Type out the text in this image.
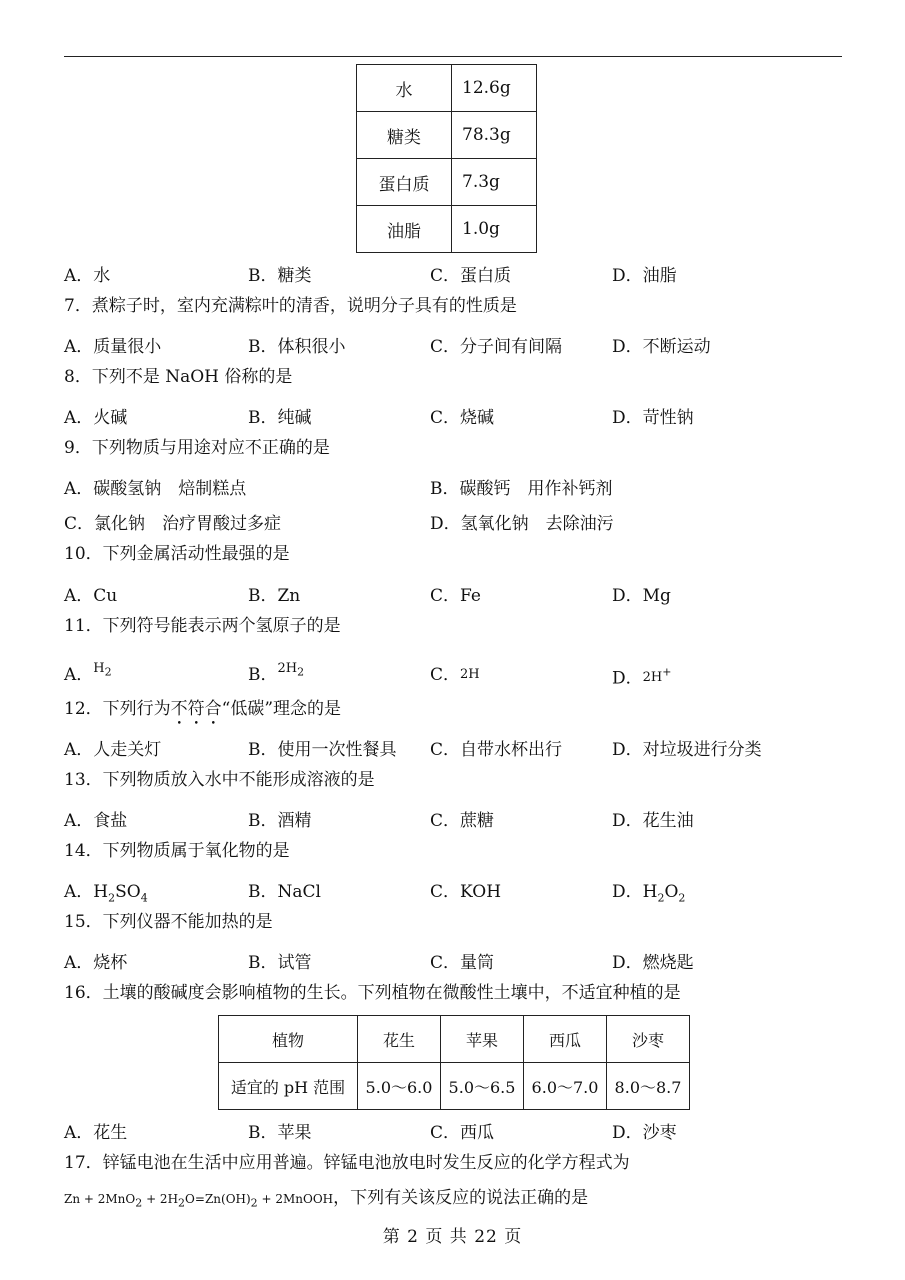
水	12.6g
糖类	78.3g
蛋白质	7.3g
油脂	1.0g
A．水	B．糖类	C．蛋白质	D．油脂
7．煮粽子时，室内充满粽叶的清香，说明分子具有的性质是
A．质量很小	B．体积很小	C．分子间有间隔	D．不断运动
8．下列不是 NaOH 俗称的是
A．火碱	B．纯碱	C．烧碱	D．苛性钠
9．下列物质与用途对应不正确的是
A．碳酸氢钠　焙制糕点	B．碳酸钙　用作补钙剂
C．氯化钠　治疗胃酸过多症	D．氢氧化钠　去除油污
10．下列金属活动性最强的是
A．Cu	B．Zn	C．Fe	D．Mg
11．下列符号能表示两个氢原子的是
A．$^{H_2}$	B．$^{2H_2}$	C．2H	D．2H+
12．下列行为不符合“低碳”理念的是
A．人走关灯	B．使用一次性餐具 C．自带水杯出行	D．对垃圾进行分类
13．下列物质放入水中不能形成溶液的是
A．食盐	B．酒精	C．蔗糖	D．花生油
14．下列物质属于氧化物的是
A．$H_2SO_4$	B．NaCl	C．KOH	D．$H_2O_2$
15．下列仪器不能加热的是
A．烧杯	B．试管	C．量筒	D．燃烧匙
16．土壤的酸碱度会影响植物的生长。下列植物在微酸性土壤中，不适宜种植的是
植物	花生	苹果	西瓜	沙枣
适宜的 pH 范围	5.0～6.0	5.0～6.5	6.0～7.0	8.0～8.7
A．花生	B．苹果	C．西瓜	D．沙枣
17．锌锰电池在生活中应用普遍。锌锰电池放电时发生反应的化学方程式为
$Zn + 2MnO_2 + 2H_2O=Zn(OH)_2$ + 2MnOOH，下列有关该反应的说法正确的是
第 2 页 共 22 页
